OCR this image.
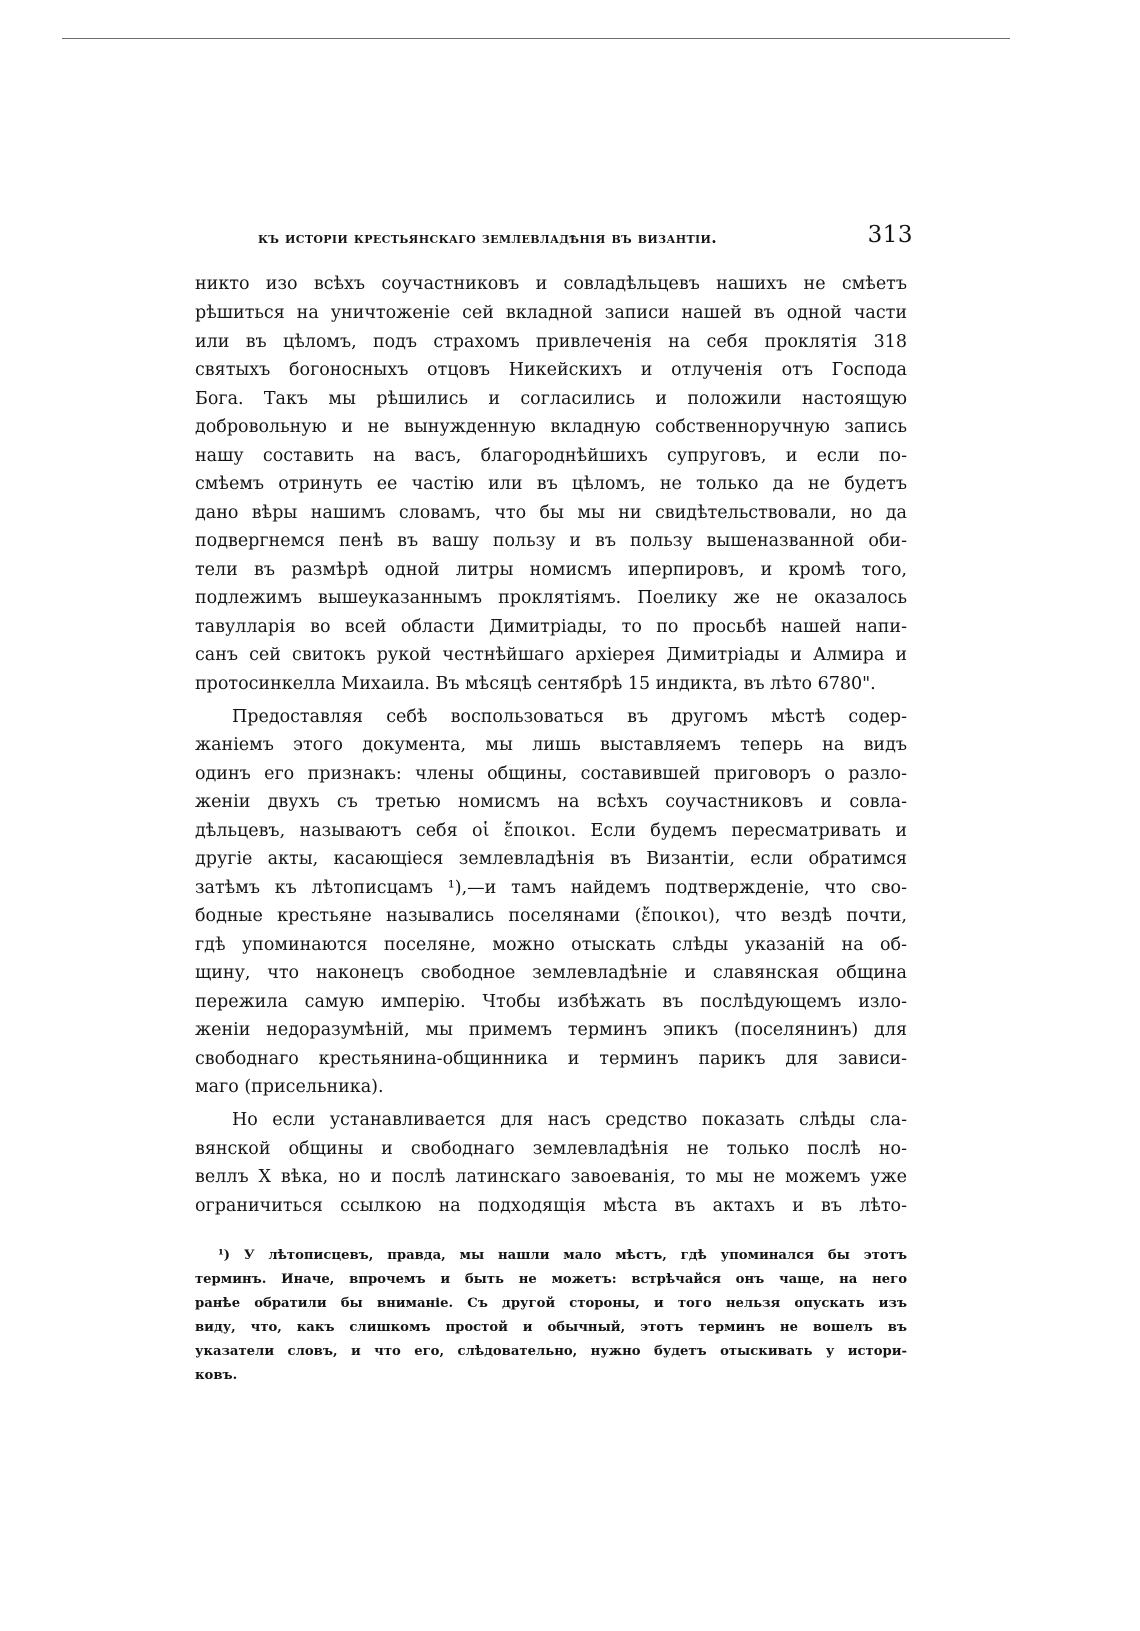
къ исторіи крестьянскаго землевладѣнія въ византіи.	313
никто изо всѣхъ соучастниковъ и совладѣльцевъ нашихъ не смѣетъ
рѣшиться на уничтоженіе сей вкладной записи нашей въ одной части
или въ цѣломъ, подъ страхомъ привлеченія на себя проклятія 318
святыхъ богоносныхъ отцовъ Никейскихъ и отлученія отъ Господа
Бога. Такъ мы рѣшились и согласились и положили настоящую
добровольную и не вынужденную вкладную собственноручную запись
нашу составить на васъ, благороднѣйшихъ супруговъ, и если по-
смѣемъ отринуть ее частію или въ цѣломъ, не только да не будетъ
дано вѣры нашимъ словамъ, что бы мы ни свидѣтельствовали, но да
подвергнемся пенѣ въ вашу пользу и въ пользу вышеназванной оби-
тели въ размѣрѣ одной литры номисмъ иперпировъ, и кромѣ того,
подлежимъ вышеуказаннымъ проклятіямъ. Поелику же не оказалось
тавулларія во всей области Димитріады, то по просьбѣ нашей напи-
санъ сей свитокъ рукой честнѣйшаго архіерея Димитріады и Алмира и
протосинкелла Михаила. Въ мѣсяцѣ сентябрѣ 15 индикта, въ лѣто 6780".
Предоставляя себѣ воспользоваться въ другомъ мѣстѣ содер-
жаніемъ этого документа, мы лишь выставляемъ теперь на видъ
одинъ его признакъ: члены общины, составившей приговоръ о разло-
женіи двухъ съ третью номисмъ на всѣхъ соучастниковъ и совла-
дѣльцевъ, называютъ себя οἱ ἔποικοι. Если будемъ пересматривать и
другіе акты, касающіеся землевладѣнія въ Византіи, если обратимся
затѣмъ къ лѣтописцамъ ¹),—и тамъ найдемъ подтвержденіе, что сво-
бодные крестьяне назывались поселянами (ἔποικοι), что вездѣ почти,
гдѣ упоминаются поселяне, можно отыскать слѣды указаній на об-
щину, что наконецъ свободное землевладѣніе и славянская община
пережила самую имперію. Чтобы избѣжать въ послѣдующемъ изло-
женіи недоразумѣній, мы примемъ терминъ эпикъ (поселянинъ) для
свободнаго крестьянина-общинника и терминъ парикъ для зависи-
маго (присельника).
Но если устанавливается для насъ средство показать слѣды сла-
вянской общины и свободнаго землевладѣнія не только послѣ но-
веллъ X вѣка, но и послѣ латинскаго завоеванія, то мы не можемъ уже
ограничиться ссылкою на подходящія мѣста въ актахъ и въ лѣто-
¹) У лѣтописцевъ, правда, мы нашли мало мѣстъ, гдѣ упоминался бы этотъ
терминъ. Иначе, впрочемъ и быть не можетъ: встрѣчайся онъ чаще, на него
ранѣе обратили бы вниманіе. Съ другой стороны, и того нельзя опускать изъ
виду, что, какъ слишкомъ простой и обычный, этотъ терминъ не вошелъ въ
указатели словъ, и что его, слѣдовательно, нужно будетъ отыскивать у истори-
ковъ.
